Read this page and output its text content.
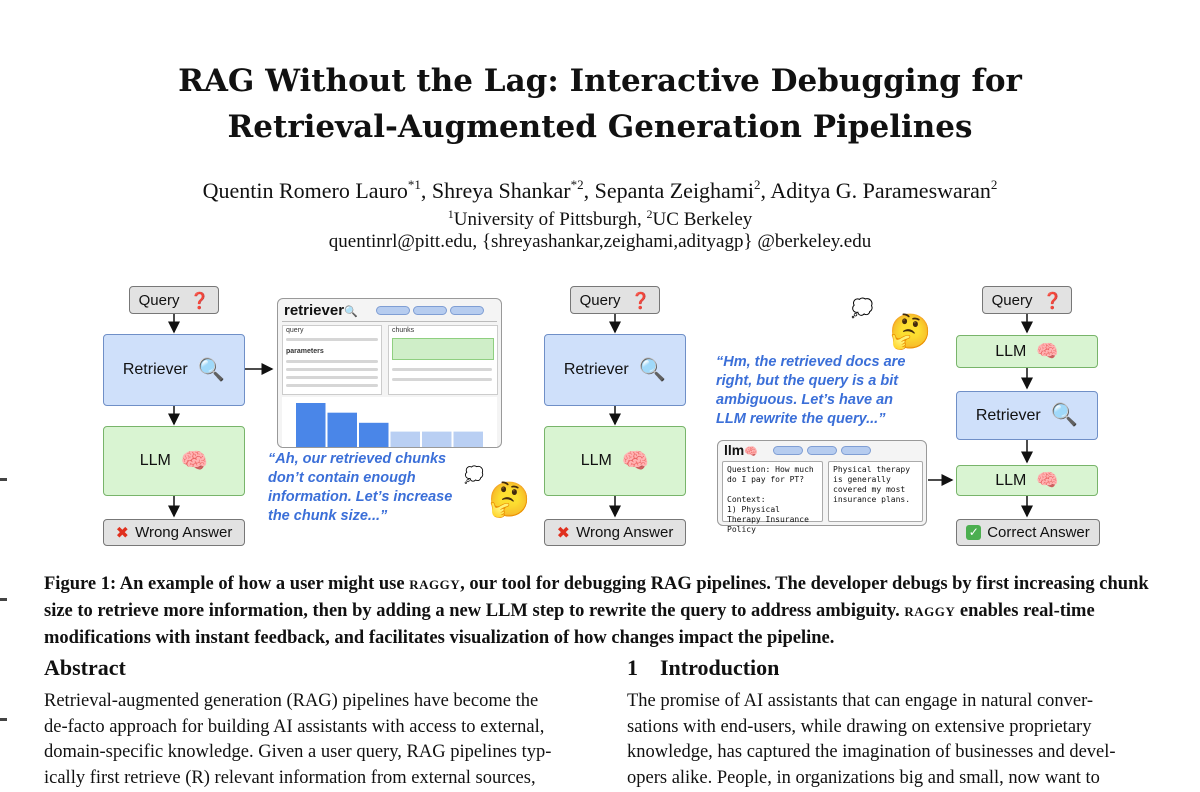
RAG Without the Lag: Interactive Debugging for
Retrieval-Augmented Generation Pipelines
Quentin Romero Lauro$^{*1}$, Shreya Shankar$^{*2}$, Sepanta Zeighami$^2$, Aditya G. Parameswaran$^2$
$^1$University of Pittsburgh, $^2$UC Berkeley
quentinrl@pitt.edu, {shreyashankar,zeighami,adityagp} @berkeley.edu
Query ❓
Retriever 🔍
LLM 🧠
✖ Wrong Answer
retriever🔍
query
parameters
chunks
“Ah, our retrieved chunks don’t contain enough information. Let’s increase the chunk size...”
💭
🤔
Query ❓
Retriever 🔍
LLM 🧠
✖ Wrong Answer
💭
🤔
“Hm, the retrieved docs are right, but the query is a bit ambiguous. Let’s have an LLM rewrite the query...”
llm🧠
Question: How much do I pay for PT?

Context:
1) Physical Therapy Insurance Policy
Physical therapy is generally covered my most insurance plans.
Query ❓
LLM 🧠
Retriever 🔍
LLM 🧠
✓ Correct Answer
Figure 1: An example of how a user might use raggy, our tool for debugging RAG pipelines. The developer debugs by first increasing chunk size to retrieve more information, then by adding a new LLM step to rewrite the query to address ambiguity. raggy enables real-time modifications with instant feedback, and facilitates visualization of how changes impact the pipeline.
Abstract

Retrieval-augmented generation (RAG) pipelines have become the

de-facto approach for building AI assistants with access to external,

domain-specific knowledge. Given a user query, RAG pipelines typ-

ically first retrieve (R) relevant information from external sources,

1 Introduction

The promise of AI assistants that can engage in natural conver-

sations with end-users, while drawing on extensive proprietary

knowledge, has captured the imagination of businesses and devel-

opers alike. People, in organizations big and small, now want to
